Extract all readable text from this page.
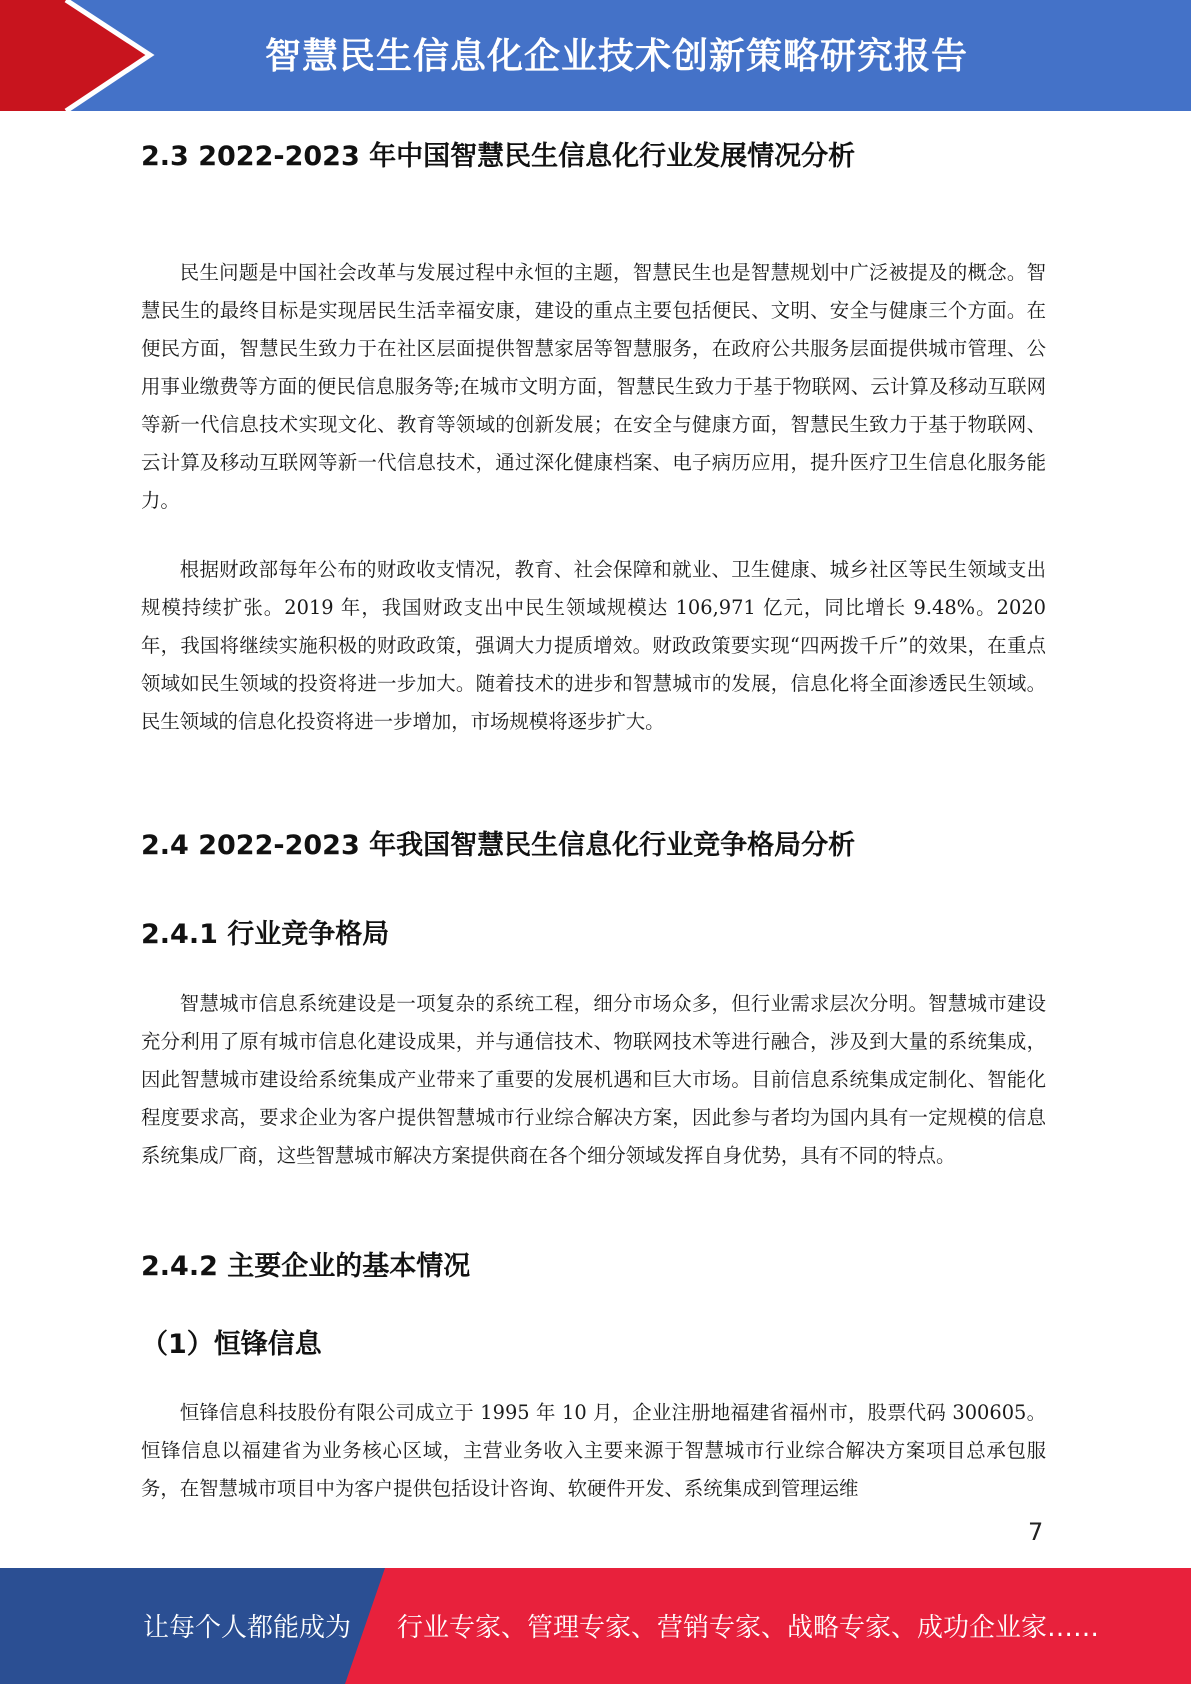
智慧民生信息化企业技术创新策略研究报告
2.3 2022-2023 年中国智慧民生信息化行业发展情况分析
民生问题是中国社会改革与发展过程中永恒的主题，智慧民生也是智慧规划中广泛被提及的概念。智慧民生的最终目标是实现居民生活幸福安康，建设的重点主要包括便民、文明、安全与健康三个方面。在便民方面，智慧民生致力于在社区层面提供智慧家居等智慧服务，在政府公共服务层面提供城市管理、公用事业缴费等方面的便民信息服务等;在城市文明方面，智慧民生致力于基于物联网、云计算及移动互联网等新一代信息技术实现文化、教育等领域的创新发展；在安全与健康方面，智慧民生致力于基于物联网、云计算及移动互联网等新一代信息技术，通过深化健康档案、电子病历应用，提升医疗卫生信息化服务能力。
根据财政部每年公布的财政收支情况，教育、社会保障和就业、卫生健康、城乡社区等民生领域支出规模持续扩张。2019 年，我国财政支出中民生领域规模达 106,971 亿元，同比增长 9.48%。2020 年，我国将继续实施积极的财政政策，强调大力提质增效。财政政策要实现“四两拨千斤”的效果，在重点领域如民生领域的投资将进一步加大。随着技术的进步和智慧城市的发展，信息化将全面渗透民生领域。民生领域的信息化投资将进一步增加，市场规模将逐步扩大。
2.4 2022-2023 年我国智慧民生信息化行业竞争格局分析
2.4.1 行业竞争格局
智慧城市信息系统建设是一项复杂的系统工程，细分市场众多，但行业需求层次分明。智慧城市建设充分利用了原有城市信息化建设成果，并与通信技术、物联网技术等进行融合，涉及到大量的系统集成，因此智慧城市建设给系统集成产业带来了重要的发展机遇和巨大市场。目前信息系统集成定制化、智能化程度要求高，要求企业为客户提供智慧城市行业综合解决方案，因此参与者均为国内具有一定规模的信息系统集成厂商，这些智慧城市解决方案提供商在各个细分领域发挥自身优势，具有不同的特点。
2.4.2 主要企业的基本情况
（1）恒锋信息
恒锋信息科技股份有限公司成立于 1995 年 10 月，企业注册地福建省福州市，股票代码 300605。恒锋信息以福建省为业务核心区域，主营业务收入主要来源于智慧城市行业综合解决方案项目总承包服务，在智慧城市项目中为客户提供包括设计咨询、软硬件开发、系统集成到管理运维
7
让每个人都能成为 行业专家、管理专家、营销专家、战略专家、成功企业家……
